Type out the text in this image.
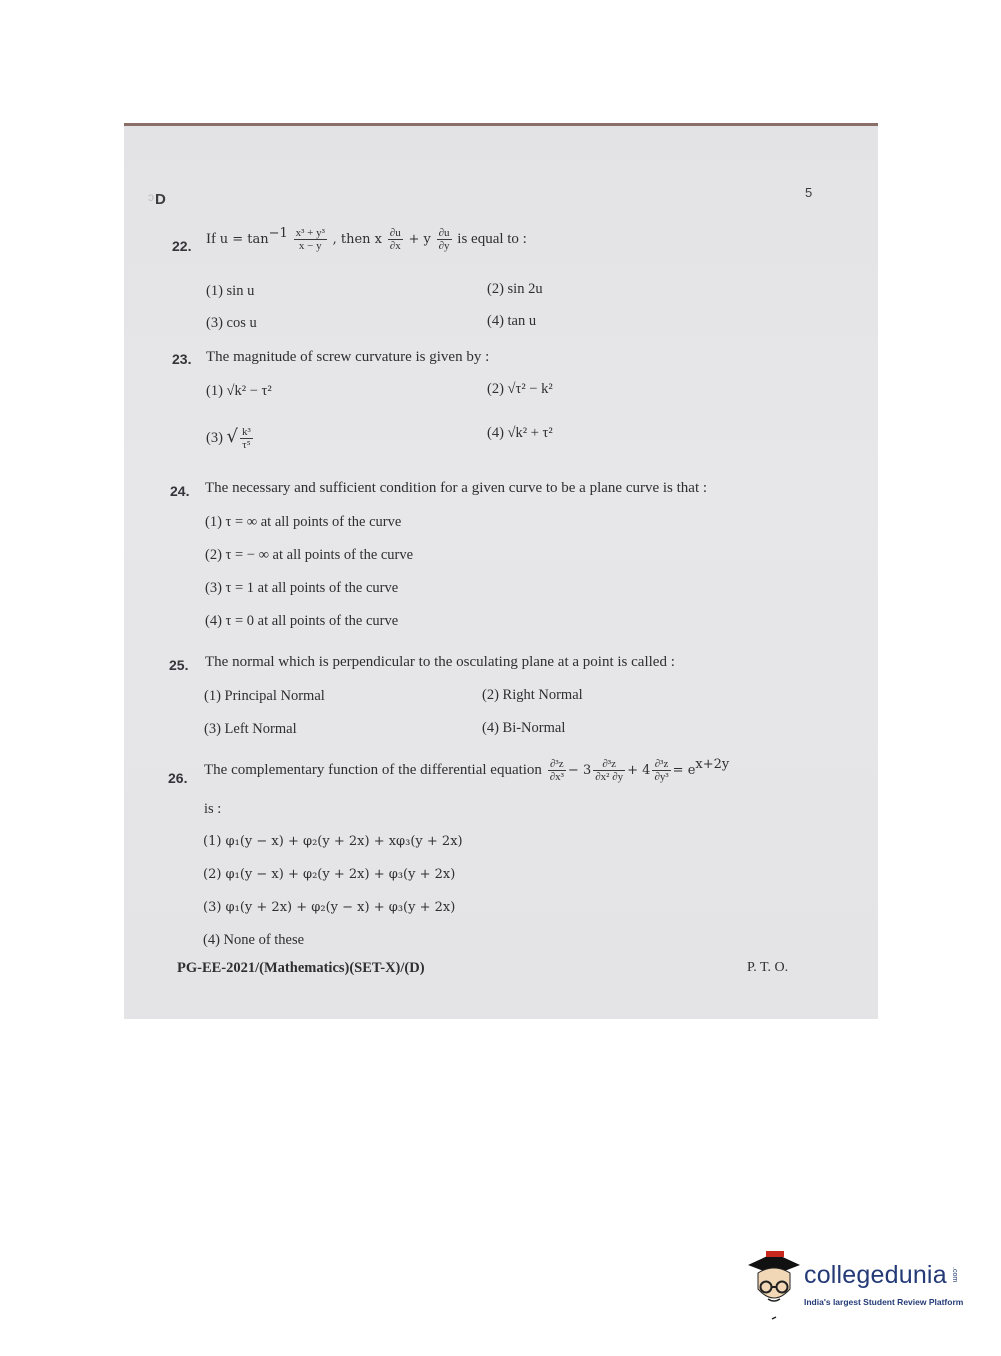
ɔ D	5
22. If $u = \tan^{-1} \frac{\text{x³ + y³}}{x - y}$ , then x $\frac{\partial u}{\partial x} + y \frac{\partial u}{\partial y}$ is equal to :
(1) sin u	(2) sin 2u
(3) cos u	(4) tan u
23. The magnitude of screw curvature is given by :
(1) √k² − τ²	(2) √τ² − k²
(3) √ $\frac{\text{k³}}{\text{τ⁵}}$	(4) √k² + τ²
24. The necessary and sufficient condition for a given curve to be a plane curve is that :
(1) τ = ∞ at all points of the curve
(2) τ = − ∞ at all points of the curve
(3) τ = 1 at all points of the curve
(4) τ = 0 at all points of the curve
25. The normal which is perpendicular to the osculating plane at a point is called :
(1) Principal Normal	(2) Right Normal
(3) Left Normal	(4) Bi-Normal
26. The complementary function of the differential equation $\frac{\text{∂³z}}{\text{∂x³}} - 3 \frac{\text{∂³z}}{\text{∂x² ∂y}} + 4 \frac{\text{∂³z}}{\text{∂y³}} = e^{x+2y}$
is :
(1) φ₁(y − x) + φ₂(y + 2x) + xφ₃(y + 2x)
(2) φ₁(y − x) + φ₂(y + 2x) + φ₃(y + 2x)
(3) φ₁(y + 2x) + φ₂(y − x) + φ₃(y + 2x)
(4) None of these
PG-EE-2021/(Mathematics)(SET-X)/(D)	P. T. O.
collegedunia .com
India's largest Student Review Platform
